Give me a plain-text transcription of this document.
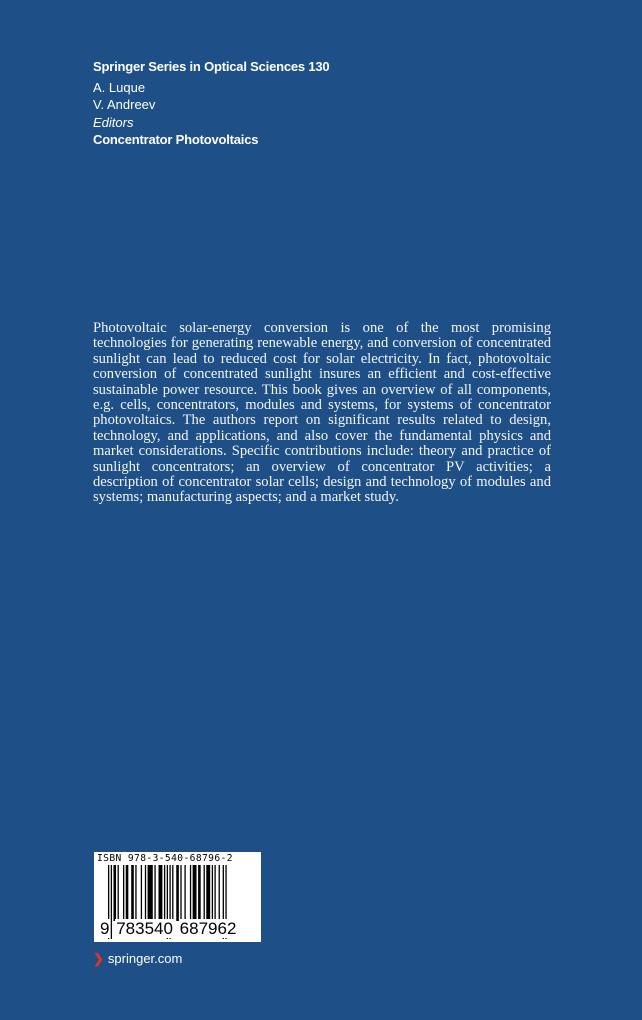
Springer Series in Optical Sciences 130
A. Luque
V. Andreev
Editors
Concentrator Photovoltaics
Photovoltaic solar-energy conversion is one of the most promising technologies for generating renewable energy, and conversion of concentrated sunlight can lead to reduced cost for solar electricity. In fact, photovoltaic conversion of concentrated sunlight insures an efficient and cost-effective sustainable power resource. This book gives an overview of all components, e.g. cells, concentrators, modules and systems, for systems of concentrator photovoltaics. The authors report on significant results related to design, technology, and applications, and also cover the fundamental physics and market considerations. Specific contributions include: theory and practice of sunlight concentrators; an overview of concentrator PV activities; a description of concentrator solar cells; design and technology of modules and systems; manufacturing aspects; and a market study.
ISBN 978-3-540-68796-2
9 783540 687962
❯ springer.com
